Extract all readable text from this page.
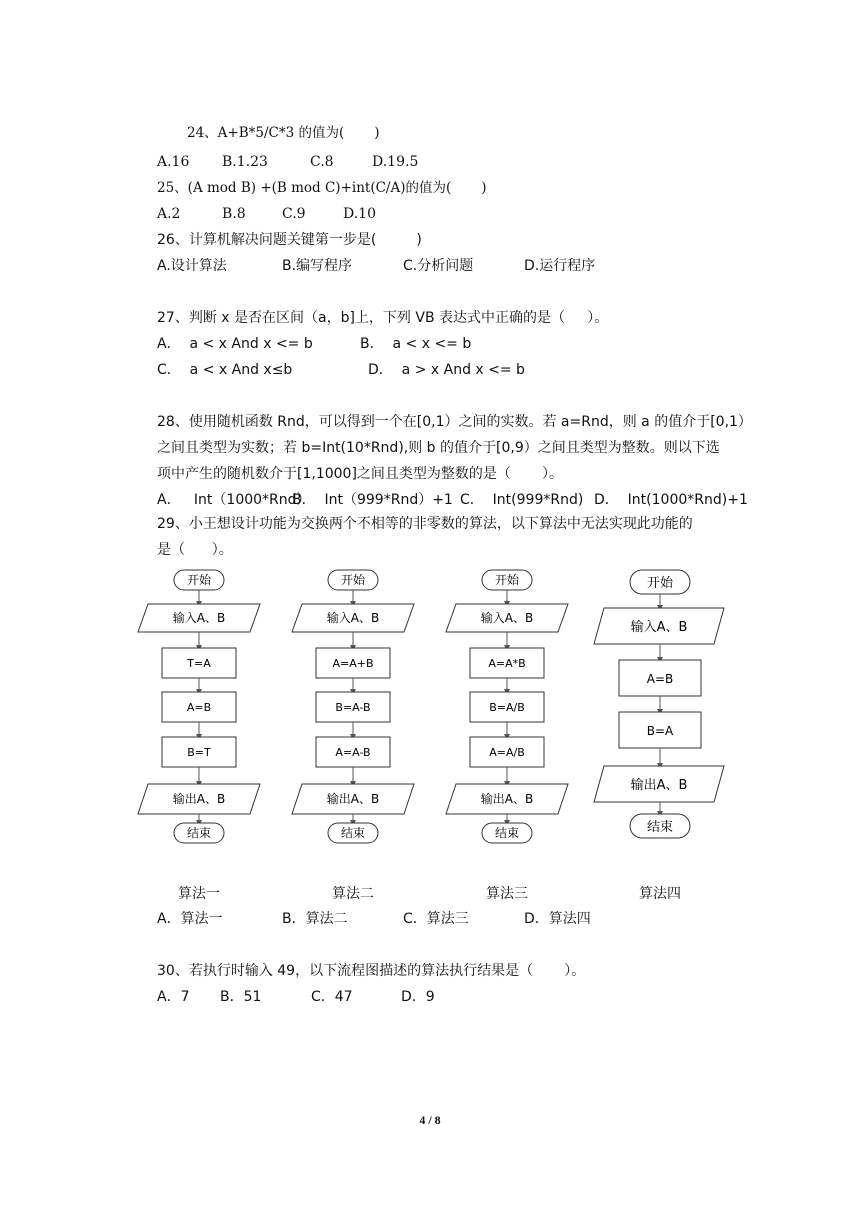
24、A+B*5/C*3 的值为(       )
A.16 B.1.23	C.8	D.19.5
25、(A mod B) +(B mod C)+int(C/A)的值为(       )
A.2	B.8	C.9	D.10
26、计算机解决问题关键第一步是(         )
A.设计算法	B.编写程序	C.分析问题	D.运行程序
27、判断 x 是否在区间（a，b]上，下列 VB 表达式中正确的是（     ）。
A．  a < x And x <= b	B．  a < x <= b
C．  a < x And x≤b	D．  a > x And x <= b
28、使用随机函数 Rnd，可以得到一个在[0,1）之间的实数。若 a=Rnd，则 a 的值介于[0,1）
之间且类型为实数；若 b=Int(10*Rnd),则 b 的值介于[0,9）之间且类型为整数。则以下选
项中产生的随机数介于[1,1000]之间且类型为整数的是（       ）。
A．   Int（1000*Rnd）
B．  Int（999*Rnd）+1 C．  Int(999*Rnd) D．  Int(1000*Rnd)+1
29、小王想设计功能为交换两个不相等的非零数的算法，以下算法中无法实现此功能的
是（      ）。
开始
输入A、B
T=A
A=B
B=T
输出A、B
结束
开始
输入A、B
A=A+B
B=A-B
A=A-B
输出A、B
结束
开始
输入A、B
A=A*B
B=A/B
A=A/B
输出A、B
结束
开始
输入A、B
A=B
B=A
输出A、B
结束
算法一	算法二	算法三	算法四
A．算法一	B．算法二	C．算法三	D．算法四
30、若执行时输入 49，以下流程图描述的算法执行结果是（       ）。
A．7 B．51	C．47	D．9
4 / 8
